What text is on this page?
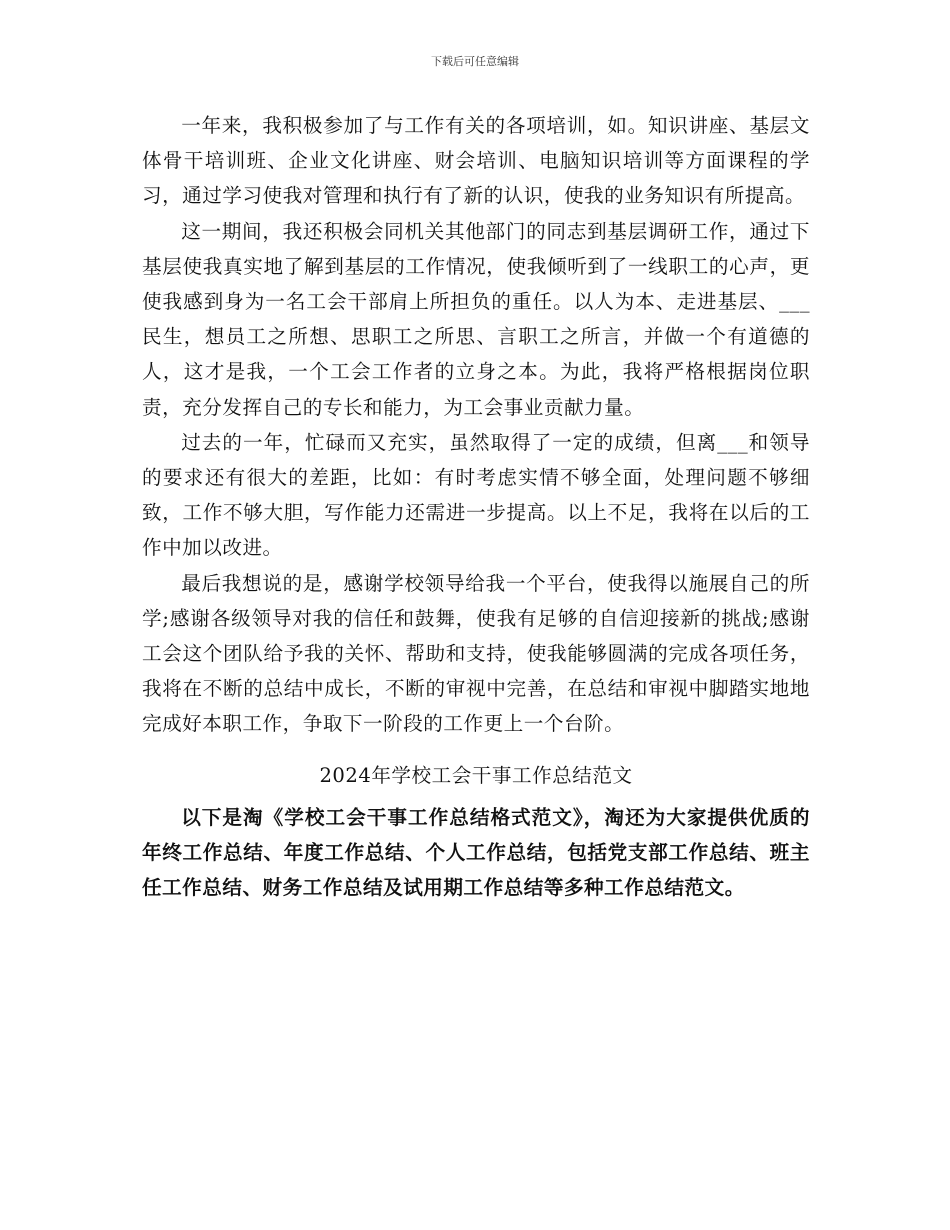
下载后可任意编辑

一年来，我积极参加了与工作有关的各项培训，如。知识讲座、基层文体骨干培训班、企业文化讲座、财会培训、电脑知识培训等方面课程的学习，通过学习使我对管理和执行有了新的认识，使我的业务知识有所提高。

这一期间，我还积极会同机关其他部门的同志到基层调研工作，通过下基层使我真实地了解到基层的工作情况，使我倾听到了一线职工的心声，更使我感到身为一名工会干部肩上所担负的重任。以人为本、走进基层、___民生，想员工之所想、思职工之所思、言职工之所言，并做一个有道德的人，这才是我，一个工会工作者的立身之本。为此，我将严格根据岗位职责，充分发挥自己的专长和能力，为工会事业贡献力量。

过去的一年，忙碌而又充实，虽然取得了一定的成绩，但离___和领导的要求还有很大的差距，比如：有时考虑实情不够全面，处理问题不够细致，工作不够大胆，写作能力还需进一步提高。以上不足，我将在以后的工作中加以改进。

最后我想说的是，感谢学校领导给我一个平台，使我得以施展自己的所学;感谢各级领导对我的信任和鼓舞，使我有足够的自信迎接新的挑战;感谢工会这个团队给予我的关怀、帮助和支持，使我能够圆满的完成各项任务，我将在不断的总结中成长，不断的审视中完善，在总结和审视中脚踏实地地完成好本职工作，争取下一阶段的工作更上一个台阶。

2024年学校工会干事工作总结范文

以下是淘《学校工会干事工作总结格式范文》，淘还为大家提供优质的年终工作总结、年度工作总结、个人工作总结，包括党支部工作总结、班主任工作总结、财务工作总结及试用期工作总结等多种工作总结范文。
